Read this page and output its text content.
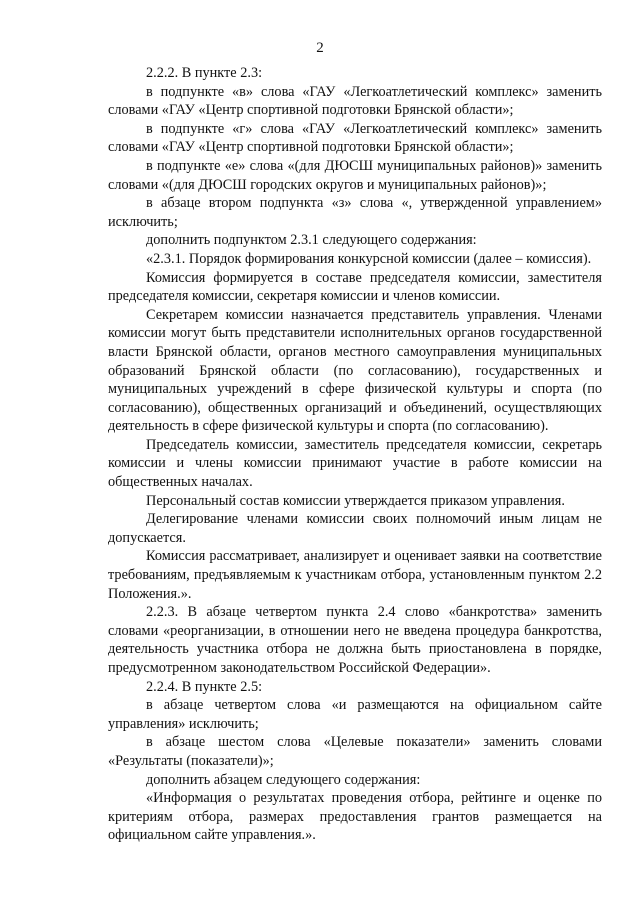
2

2.2.2. В пункте 2.3:

в подпункте «в» слова «ГАУ «Легкоатлетический комплекс» заменить словами «ГАУ «Центр спортивной подготовки Брянской области»;

в подпункте «г» слова «ГАУ «Легкоатлетический комплекс» заменить словами «ГАУ «Центр спортивной подготовки Брянской области»;

в подпункте «е» слова «(для ДЮСШ муниципальных районов)» заменить словами «(для ДЮСШ городских округов и муниципальных районов)»;

в абзаце втором подпункта «з» слова «, утвержденной управлением» исключить;

дополнить подпунктом 2.3.1 следующего содержания:

«2.3.1. Порядок формирования конкурсной комиссии (далее – комиссия).

Комиссия формируется в составе председателя комиссии, заместителя председателя комиссии, секретаря комиссии и членов комиссии.

Секретарем комиссии назначается представитель управления. Членами комиссии могут быть представители исполнительных органов государственной власти Брянской области, органов местного самоуправления муниципальных образований Брянской области (по согласованию), государственных и муниципальных учреждений в сфере физической культуры и спорта (по согласованию), общественных организаций и объединений, осуществляющих деятельность в сфере физической культуры и спорта (по согласованию).

Председатель комиссии, заместитель председателя комиссии, секретарь комиссии и члены комиссии принимают участие в работе комиссии на общественных началах.

Персональный состав комиссии утверждается приказом управления.

Делегирование членами комиссии своих полномочий иным лицам не допускается.

Комиссия рассматривает, анализирует и оценивает заявки на соответствие требованиям, предъявляемым к участникам отбора, установленным пунктом 2.2 Положения.».

2.2.3. В абзаце четвертом пункта 2.4 слово «банкротства» заменить словами «реорганизации, в отношении него не введена процедура банкротства, деятельность участника отбора не должна быть приостановлена в порядке, предусмотренном законодательством Российской Федерации».

2.2.4. В пункте 2.5:

в абзаце четвертом слова «и размещаются на официальном сайте управления» исключить;

в абзаце шестом слова «Целевые показатели» заменить словами «Результаты (показатели)»;

дополнить абзацем следующего содержания:

«Информация о результатах проведения отбора, рейтинге и оценке по критериям отбора, размерах предоставления грантов размещается на официальном сайте управления.».
